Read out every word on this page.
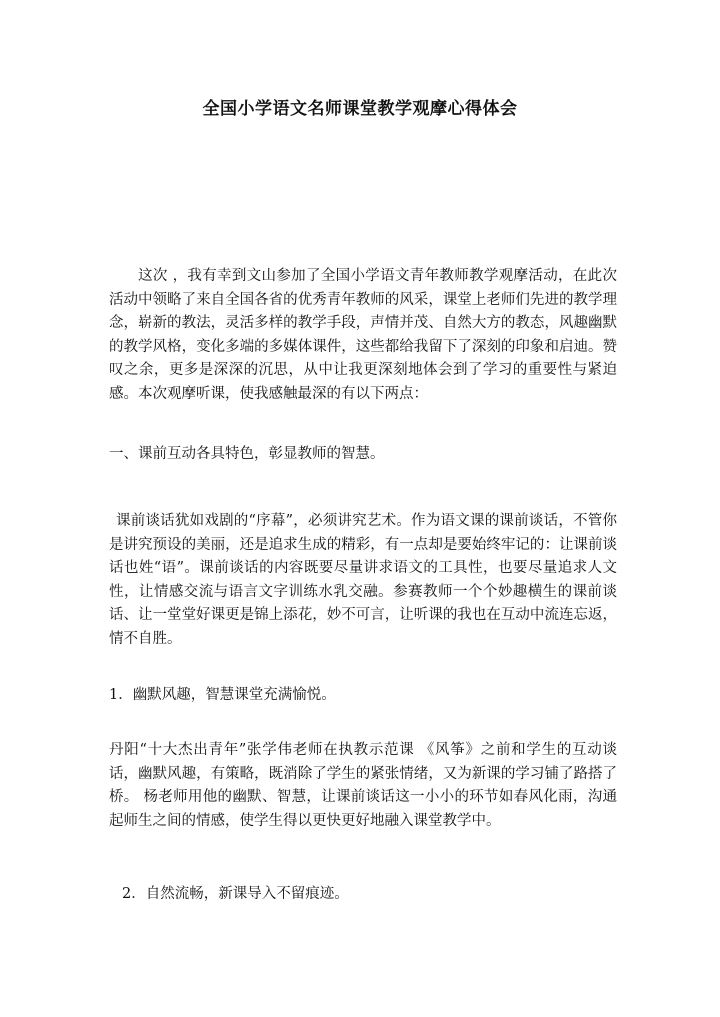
全国小学语文名师课堂教学观摩心得体会

这次 ，我有幸到文山参加了全国小学语文青年教师教学观摩活动，在此次活动中领略了来自全国各省的优秀青年教师的风采，课堂上老师们先进的教学理念，崭新的教法，灵活多样的教学手段，声情并茂、自然大方的教态，风趣幽默的教学风格，变化多端的多媒体课件，这些都给我留下了深刻的印象和启迪。赞叹之余，更多是深深的沉思，从中让我更深刻地体会到了学习的重要性与紧迫感。本次观摩听课，使我感触最深的有以下两点：

一、课前互动各具特色，彰显教师的智慧。

课前谈话犹如戏剧的“序幕”，必须讲究艺术。作为语文课的课前谈话，不管你是讲究预设的美丽，还是追求生成的精彩，有一点却是要始终牢记的：让课前谈话也姓“语”。课前谈话的内容既要尽量讲求语文的工具性，也要尽量追求人文性，让情感交流与语言文字训练水乳交融。参赛教师一个个妙趣横生的课前谈话、让一堂堂好课更是锦上添花，妙不可言，让听课的我也在互动中流连忘返，情不自胜。

1．幽默风趣，智慧课堂充满愉悦。

丹阳“十大杰出青年”张学伟老师在执教示范课 《风筝》之前和学生的互动谈话，幽默风趣，有策略，既消除了学生的紧张情绪，又为新课的学习铺了路搭了桥。 杨老师用他的幽默、智慧，让课前谈话这一小小的环节如春风化雨，沟通起师生之间的情感，使学生得以更快更好地融入课堂教学中。

2．自然流畅，新课导入不留痕迹。
